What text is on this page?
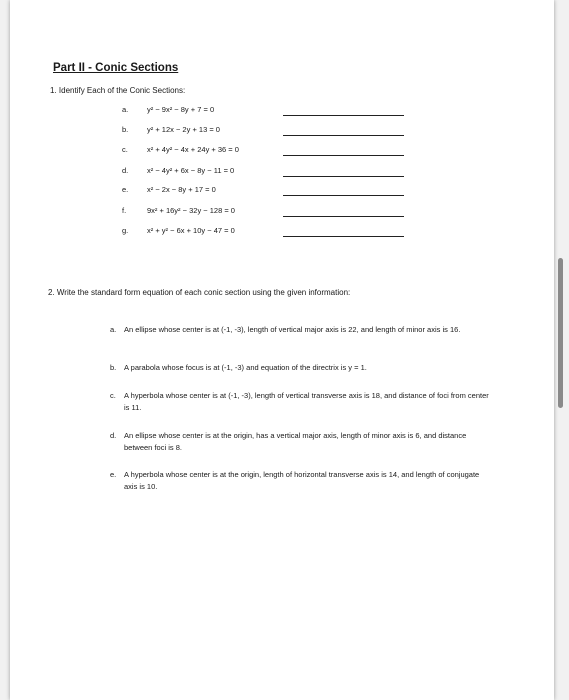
Part II - Conic Sections
1. Identify Each of the Conic Sections:
a. y² − 9x² − 8y + 7 = 0
b. y² + 12x − 2y + 13 = 0
c.	x² + 4y² − 4x + 24y + 36 = 0
d. x² − 4y² + 6x − 8y − 11 = 0
e. x² − 2x − 8y + 17 = 0
f.	9x² + 16y² − 32y − 128 = 0
g. x² + y² − 6x + 10y − 47 = 0
2. Write the standard form equation of each conic section using the given information:
a. An ellipse whose center is at (-1, -3), length of vertical major axis is 22, and length of minor axis is 16.
b. A parabola whose focus is at (-1, -3) and equation of the directrix is y = 1.
c. A hyperbola whose center is at (-1, -3), length of vertical transverse axis is 18, and distance of foci from center is 11.
d. An ellipse whose center is at the origin, has a vertical major axis, length of minor axis is 6, and distance between foci is 8.
e. A hyperbola whose center is at the origin, length of horizontal transverse axis is 14, and length of conjugate axis is 10.
